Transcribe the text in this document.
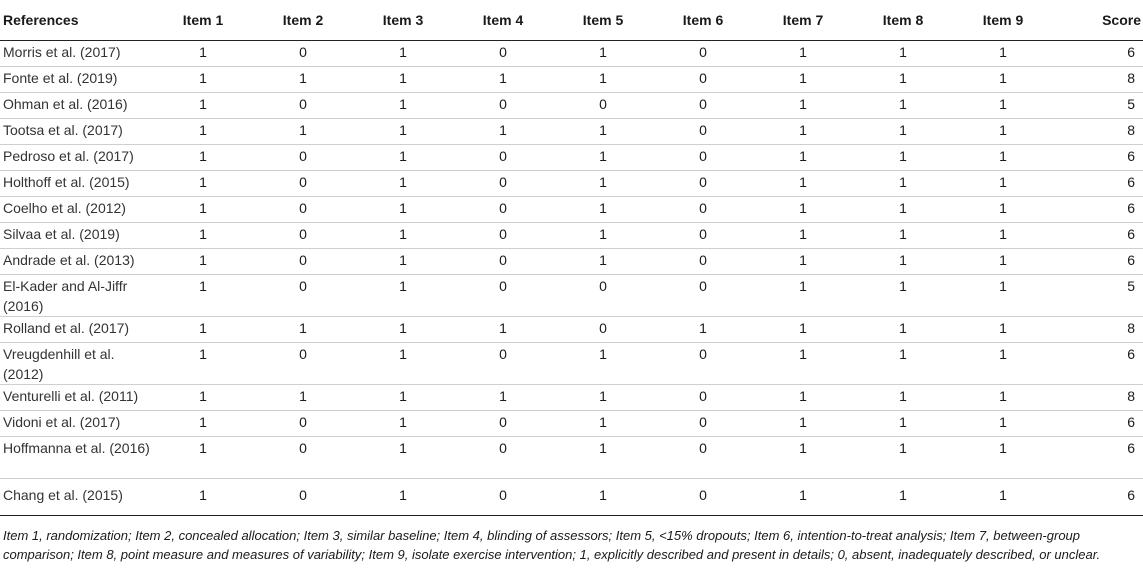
References	Item 1	Item 2	Item 3	Item 4	Item 5	Item 6	Item 7	Item 8	Item 9	Score
Morris et al. (2017)	1	0	1	0	1	0	1	1	1	6
Fonte et al. (2019)	1	1	1	1	1	0	1	1	1	8
Ohman et al. (2016)	1	0	1	0	0	0	1	1	1	5
Tootsa et al. (2017)	1	1	1	1	1	0	1	1	1	8
Pedroso et al. (2017)	1	0	1	0	1	0	1	1	1	6
Holthoff et al. (2015)	1	0	1	0	1	0	1	1	1	6
Coelho et al. (2012)	1	0	1	0	1	0	1	1	1	6
Silvaa et al. (2019)	1	0	1	0	1	0	1	1	1	6
Andrade et al. (2013)	1	0	1	0	1	0	1	1	1	6
El-Kader and Al-Jiffr (2016)	1	0	1	0	0	0	1	1	1	5
Rolland et al. (2017)	1	1	1	1	0	1	1	1	1	8
Vreugdenhill et al. (2012)	1	0	1	0	1	0	1	1	1	6
Venturelli et al. (2011)	1	1	1	1	1	0	1	1	1	8
Vidoni et al. (2017)	1	0	1	0	1	0	1	1	1	6
Hoffmanna et al. (2016)	1	0	1	0	1	0	1	1	1	6
Chang et al. (2015)	1	0	1	0	1	0	1	1	1	6
Item 1, randomization; Item 2, concealed allocation; Item 3, similar baseline; Item 4, blinding of assessors; Item 5, <15% dropouts; Item 6, intention-to-treat analysis; Item 7, between-group comparison; Item 8, point measure and measures of variability; Item 9, isolate exercise intervention; 1, explicitly described and present in details; 0, absent, inadequately described, or unclear.
